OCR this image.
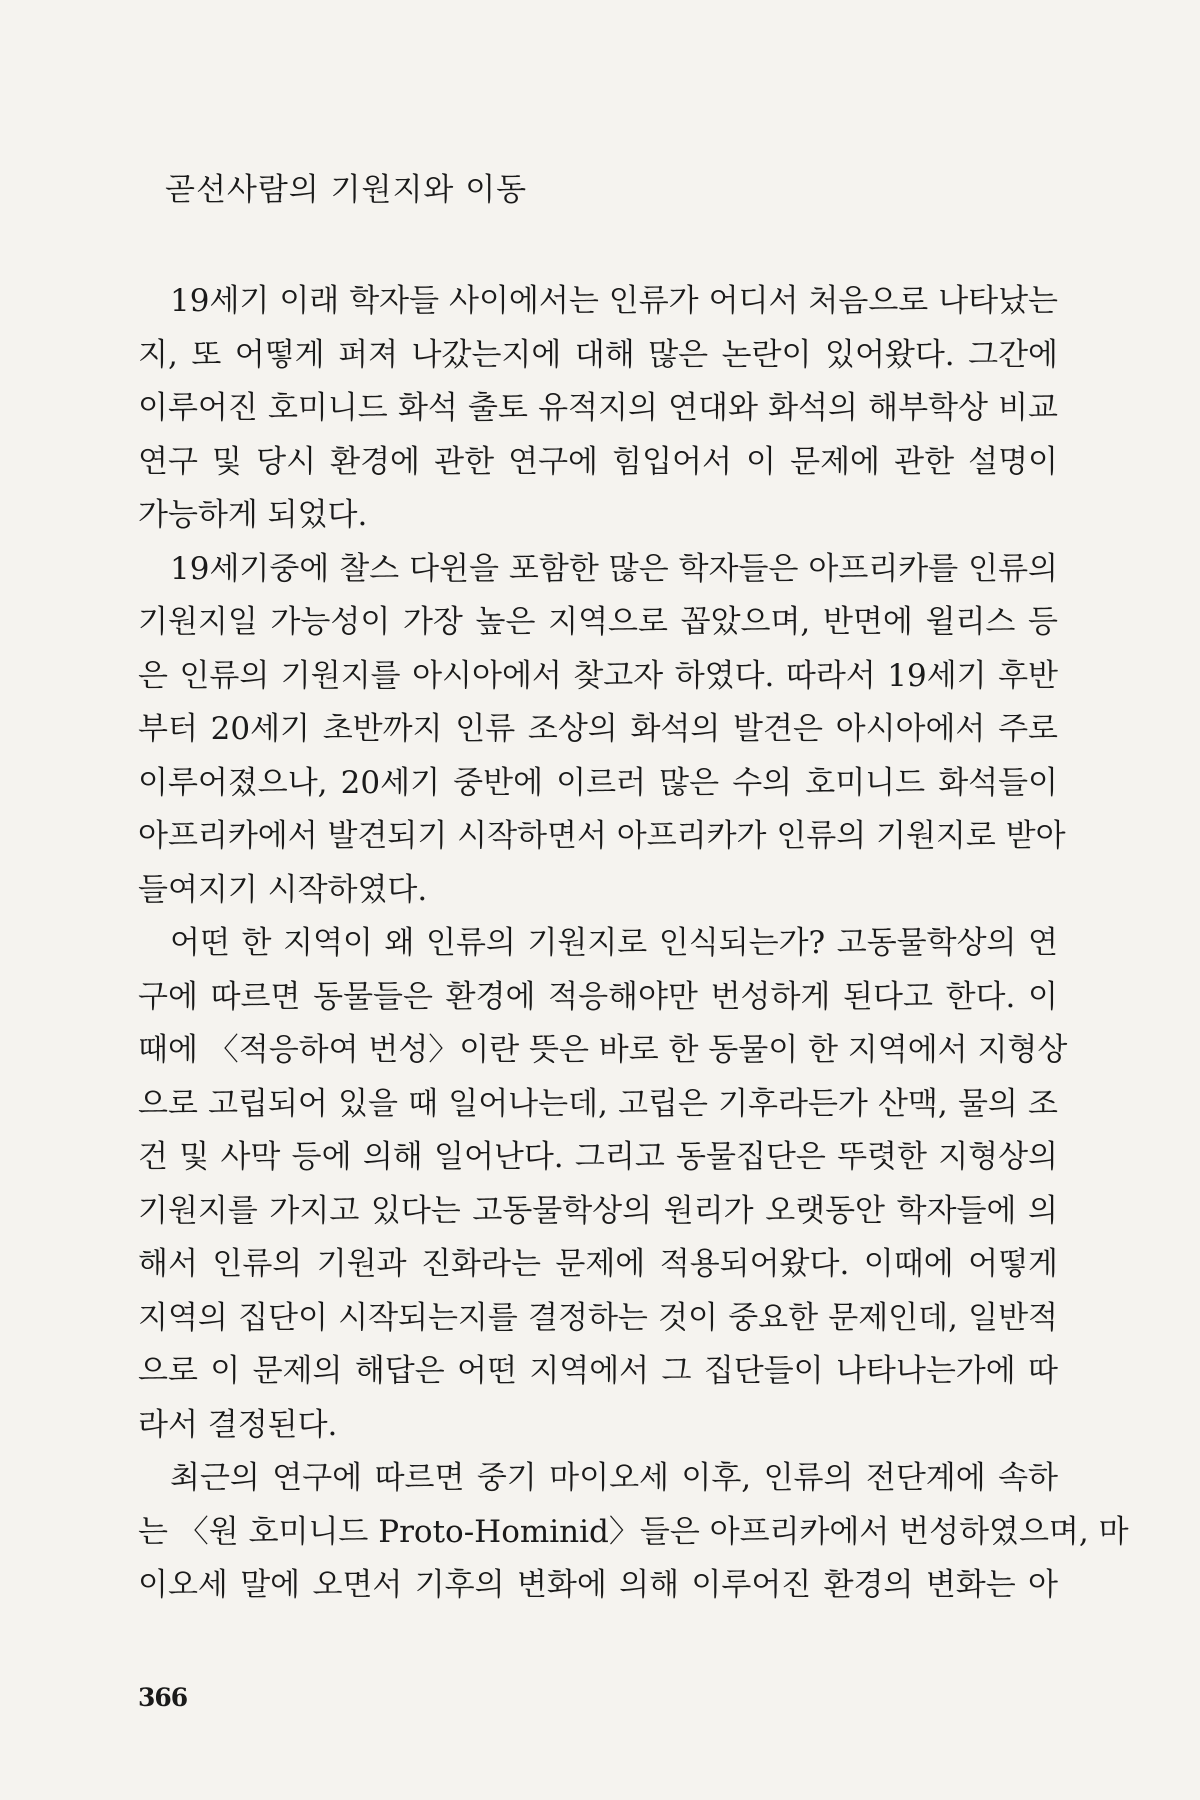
곧선사람의 기원지와 이동

19세기 이래 학자들 사이에서는 인류가 어디서 처음으로 나타났는
지, 또 어떻게 퍼져 나갔는지에 대해 많은 논란이 있어왔다. 그간에
이루어진 호미니드 화석 출토 유적지의 연대와 화석의 해부학상 비교
연구 및 당시 환경에 관한 연구에 힘입어서 이 문제에 관한 설명이
가능하게 되었다.

19세기중에 찰스 다윈을 포함한 많은 학자들은 아프리카를 인류의
기원지일 가능성이 가장 높은 지역으로 꼽았으며, 반면에 윌리스 등
은 인류의 기원지를 아시아에서 찾고자 하였다. 따라서 19세기 후반
부터 20세기 초반까지 인류 조상의 화석의 발견은 아시아에서 주로
이루어졌으나, 20세기 중반에 이르러 많은 수의 호미니드 화석들이
아프리카에서 발견되기 시작하면서 아프리카가 인류의 기원지로 받아
들여지기 시작하였다.

어떤 한 지역이 왜 인류의 기원지로 인식되는가? 고동물학상의 연
구에 따르면 동물들은 환경에 적응해야만 번성하게 된다고 한다. 이
때에 〈적응하여 번성〉이란 뜻은 바로 한 동물이 한 지역에서 지형상
으로 고립되어 있을 때 일어나는데, 고립은 기후라든가 산맥, 물의 조
건 및 사막 등에 의해 일어난다. 그리고 동물집단은 뚜렷한 지형상의
기원지를 가지고 있다는 고동물학상의 원리가 오랫동안 학자들에 의
해서 인류의 기원과 진화라는 문제에 적용되어왔다. 이때에 어떻게
지역의 집단이 시작되는지를 결정하는 것이 중요한 문제인데, 일반적
으로 이 문제의 해답은 어떤 지역에서 그 집단들이 나타나는가에 따
라서 결정된다.

최근의 연구에 따르면 중기 마이오세 이후, 인류의 전단계에 속하
는 〈원 호미니드 Proto-Hominid〉들은 아프리카에서 번성하였으며, 마
이오세 말에 오면서 기후의 변화에 의해 이루어진 환경의 변화는 아

366
